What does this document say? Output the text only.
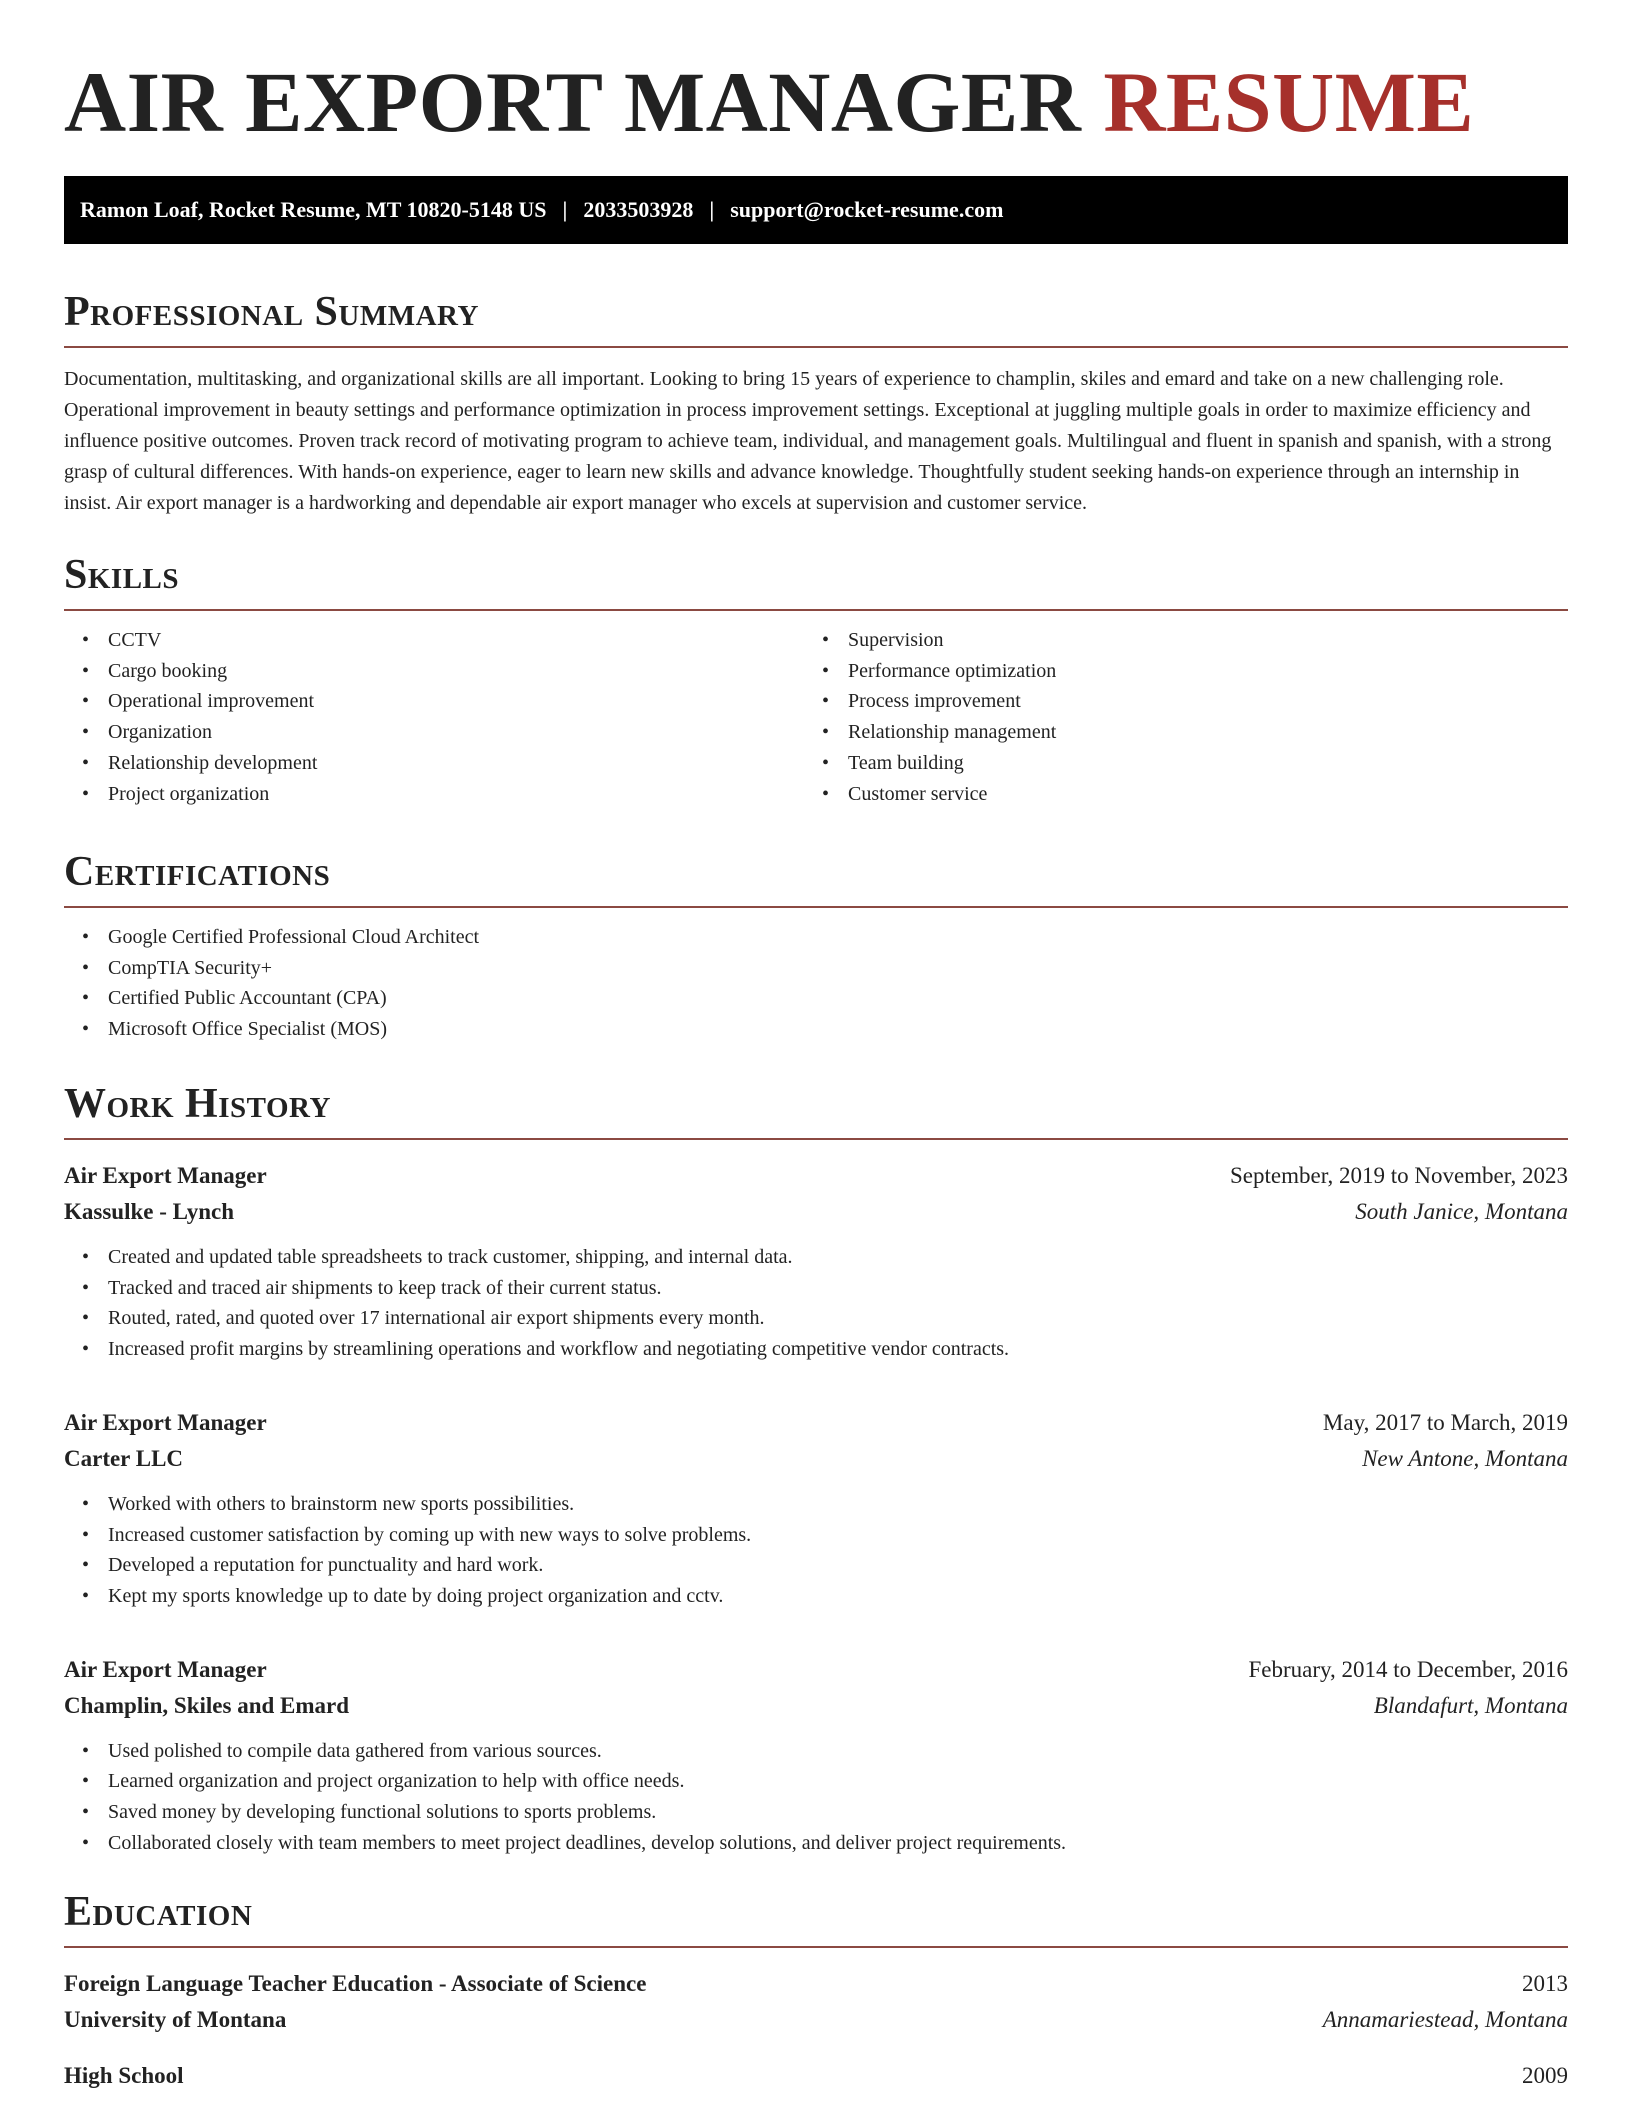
AIR EXPORT MANAGER RESUME
Ramon Loaf, Rocket Resume, MT 10820-5148 US | 2033503928 | support@rocket-resume.com
Professional Summary
Documentation, multitasking, and organizational skills are all important. Looking to bring 15 years of experience to champlin, skiles and emard and take on a new challenging role. Operational improvement in beauty settings and performance optimization in process improvement settings. Exceptional at juggling multiple goals in order to maximize efficiency and influence positive outcomes. Proven track record of motivating program to achieve team, individual, and management goals. Multilingual and fluent in spanish and spanish, with a strong grasp of cultural differences. With hands-on experience, eager to learn new skills and advance knowledge. Thoughtfully student seeking hands-on experience through an internship in insist. Air export manager is a hardworking and dependable air export manager who excels at supervision and customer service.
Skills
• CCTV
• Cargo booking
• Operational improvement
• Organization
• Relationship development
• Project organization
• Supervision
• Performance optimization
• Process improvement
• Relationship management
• Team building
• Customer service
Certifications
• Google Certified Professional Cloud Architect
• CompTIA Security+
• Certified Public Accountant (CPA)
• Microsoft Office Specialist (MOS)
Work History
Air Export Manager	September, 2019 to November, 2023
Kassulke - Lynch	South Janice, Montana
• Created and updated table spreadsheets to track customer, shipping, and internal data.
• Tracked and traced air shipments to keep track of their current status.
• Routed, rated, and quoted over 17 international air export shipments every month.
• Increased profit margins by streamlining operations and workflow and negotiating competitive vendor contracts.
Air Export Manager	May, 2017 to March, 2019
Carter LLC	New Antone, Montana
• Worked with others to brainstorm new sports possibilities.
• Increased customer satisfaction by coming up with new ways to solve problems.
• Developed a reputation for punctuality and hard work.
• Kept my sports knowledge up to date by doing project organization and cctv.
Air Export Manager	February, 2014 to December, 2016
Champlin, Skiles and Emard	Blandafurt, Montana
• Used polished to compile data gathered from various sources.
• Learned organization and project organization to help with office needs.
• Saved money by developing functional solutions to sports problems.
• Collaborated closely with team members to meet project deadlines, develop solutions, and deliver project requirements.
Education
Foreign Language Teacher Education - Associate of Science	2013
University of Montana	Annamariestead, Montana
High School	2009
